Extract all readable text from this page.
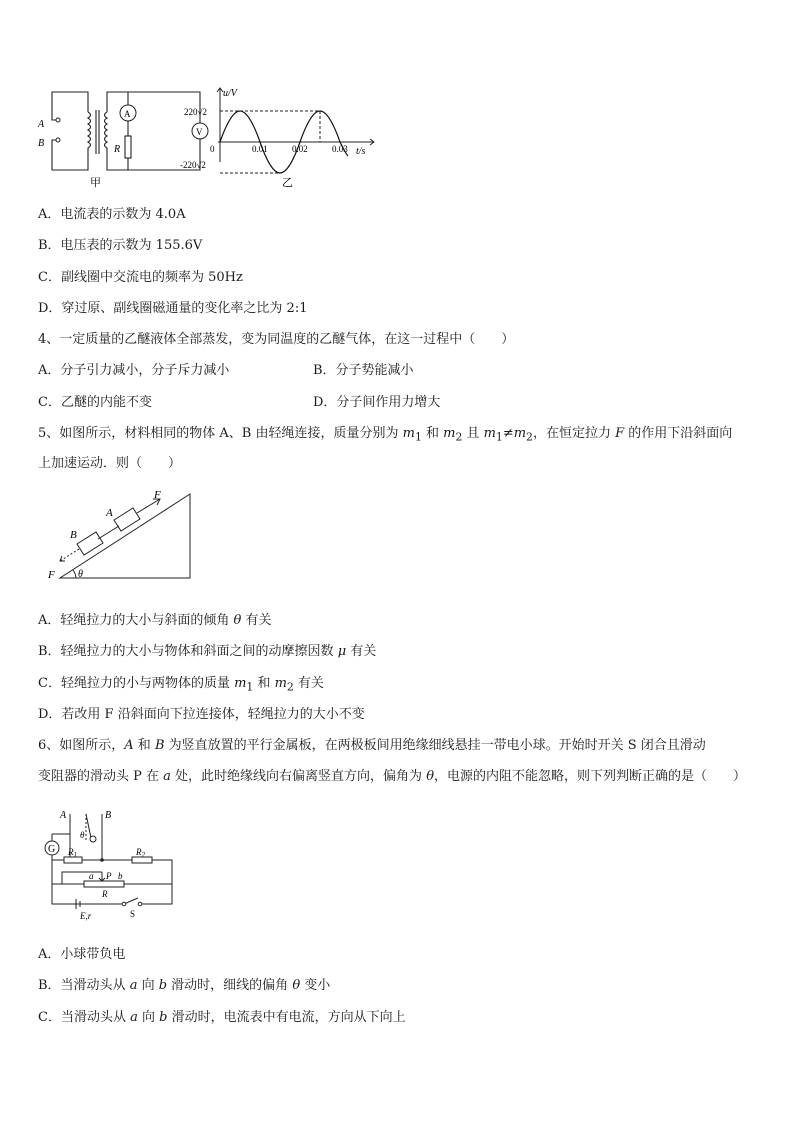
A
B
A
V
R
甲
u/V
220√2
0
-220√2
0.01	0.02	0.03 t/s
乙
A．电流表的示数为 4.0A
B．电压表的示数为 155.6V
C．副线圈中交流电的频率为 50Hz
D．穿过原、副线圈磁通量的变化率之比为 2:1
4、一定质量的乙醚液体全部蒸发，变为同温度的乙醚气体，在这一过程中（　　）
A．分子引力减小，分子斥力减小	B．分子势能减小
C．乙醚的内能不变	D．分子间作用力增大
5、如图所示，材料相同的物体 A、B 由轻绳连接，质量分别为 $m_1$ 和 $m_2$ 且 $m_1\ne m_2$，在恒定拉力 F 的作用下沿斜面向
上加速运动．则（　　）
F
A
B
F θ
A．轻绳拉力的大小与斜面的倾角 θ 有关
B．轻绳拉力的大小与物体和斜面之间的动摩擦因数 μ 有关
C．轻绳拉力的小与两物体的质量 $m_1$ 和 $m_2$ 有关
D．若改用 F 沿斜面向下拉连接体，轻绳拉力的大小不变
6、如图所示，A 和 B 为竖直放置的平行金属板，在两极板间用绝缘细线悬挂一带电小球。开始时开关 S 闭合且滑动
变阻器的滑动头 P 在 a 处，此时绝缘线向右偏离竖直方向，偏角为 θ，电源的内阻不能忽略，则下列判断正确的是（　　）
A	B
θ
G $R_1$	$R_2$
a P b
R
E,r	S
A．小球带负电
B．当滑动头从 a 向 b 滑动时，细线的偏角 θ 变小
C．当滑动头从 a 向 b 滑动时，电流表中有电流，方向从下向上
